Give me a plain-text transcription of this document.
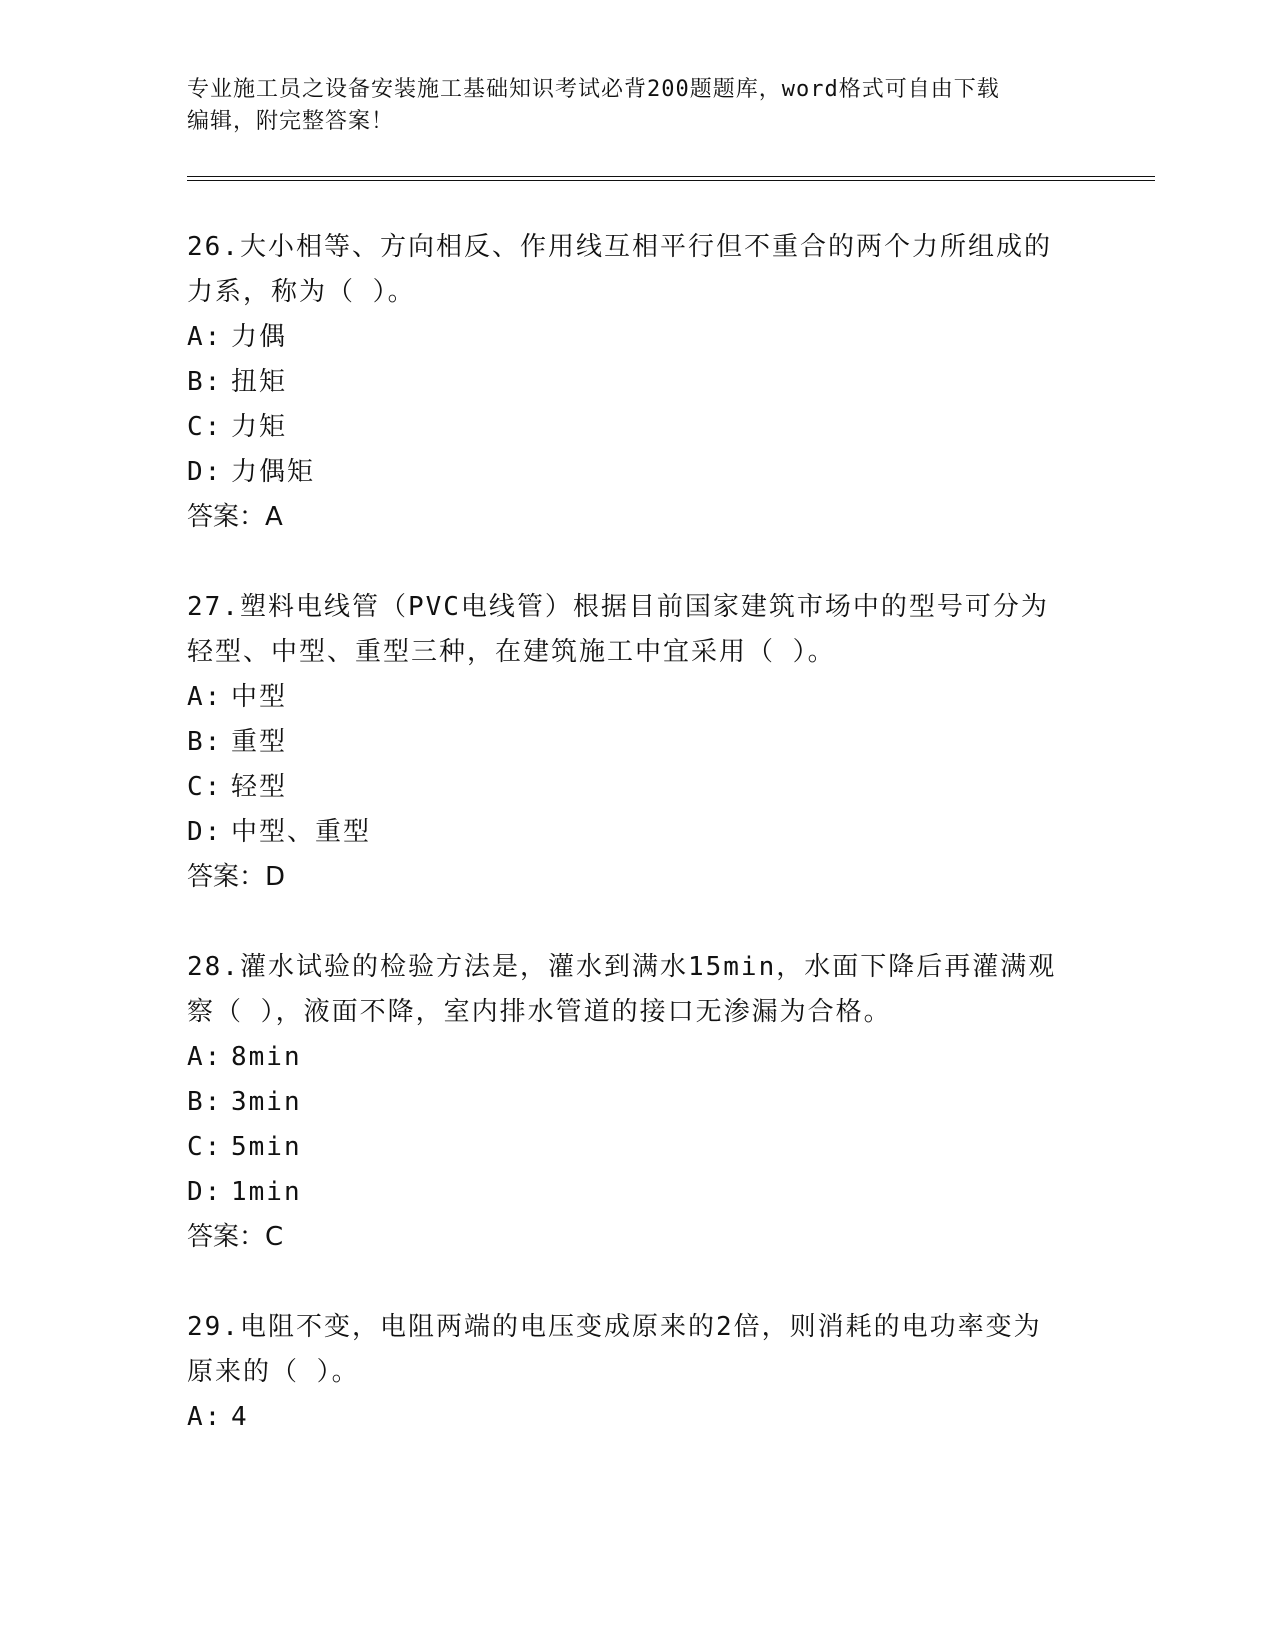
专业施工员之设备安装施工基础知识考试必背200题题库，word格式可自由下载
编辑，附完整答案！

26.大小相等、方向相反、作用线互相平行但不重合的两个力所组成的

力系，称为（ ）。

A: 力偶

B: 扭矩

C: 力矩

D: 力偶矩

答案：A

27.塑料电线管（PVC电线管）根据目前国家建筑市场中的型号可分为

轻型、中型、重型三种，在建筑施工中宜采用（ ）。

A: 中型

B: 重型

C: 轻型

D: 中型、重型

答案：D

28.灌水试验的检验方法是，灌水到满水15min，水面下降后再灌满观

察（ ），液面不降，室内排水管道的接口无渗漏为合格。

A: 8min

B: 3min

C: 5min

D: 1min

答案：C

29.电阻不变，电阻两端的电压变成原来的2倍，则消耗的电功率变为

原来的（ ）。

A: 4
